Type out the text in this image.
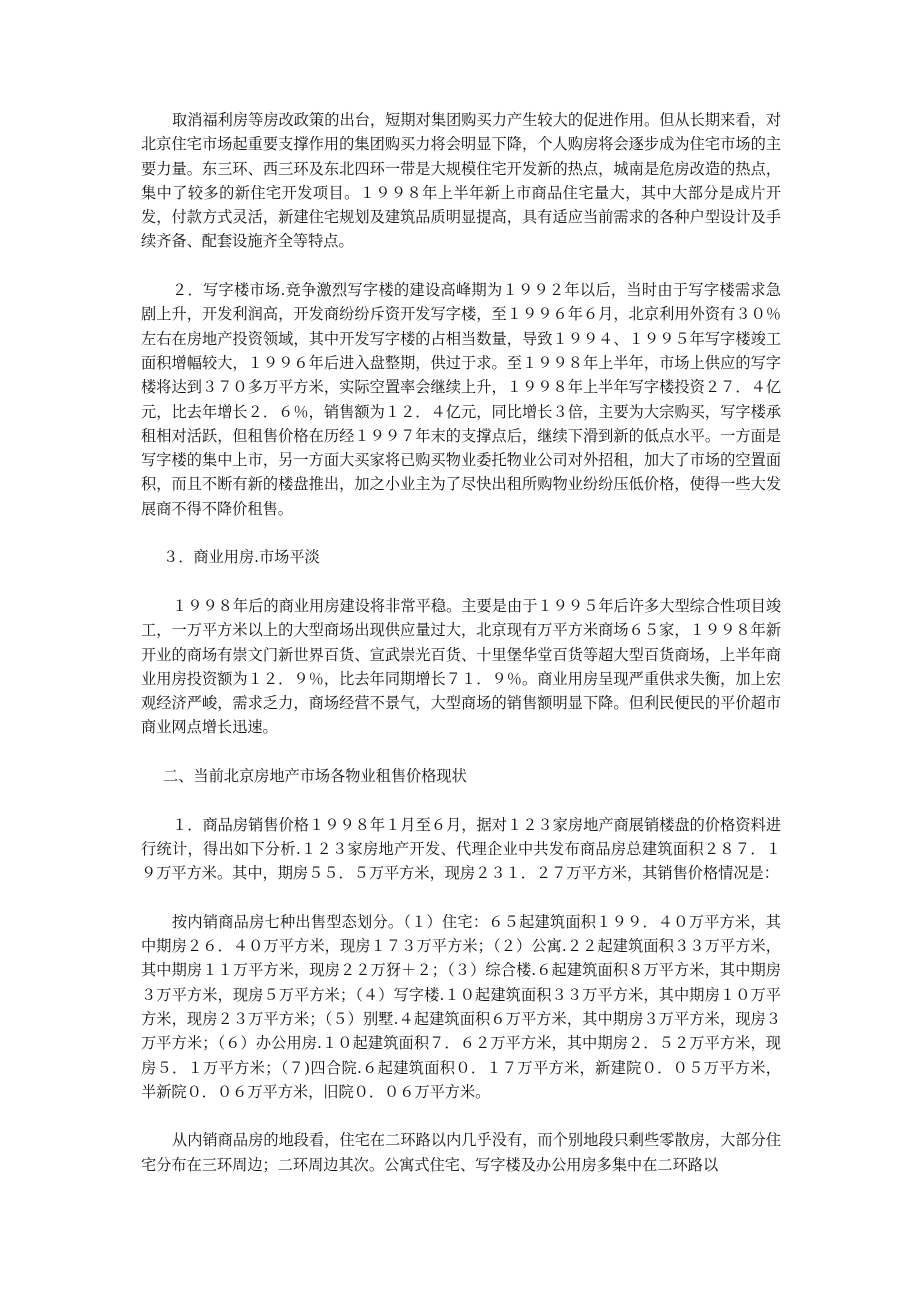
取消福利房等房改政策的出台，短期对集团购买力产生较大的促进作用。但从长期来看，对北京住宅市场起重要支撑作用的集团购买力将会明显下降，个人购房将会逐步成为住宅市场的主要力量。东三环、西三环及东北四环一带是大规模住宅开发新的热点，城南是危房改造的热点，集中了较多的新住宅开发项目。１９９８年上半年新上市商品住宅量大，其中大部分是成片开发，付款方式灵活，新建住宅规划及建筑品质明显提高，具有适应当前需求的各种户型设计及手续齐备、配套设施齐全等特点。

２．写字楼市场.竞争激烈写字楼的建设高峰期为１９９２年以后，当时由于写字楼需求急剧上升，开发利润高，开发商纷纷斥资开发写字楼，至１９９６年６月，北京利用外资有３０％左右在房地产投资领域，其中开发写字楼的占相当数量，导致１９９４、１９９５年写字楼竣工面积增幅较大，１９９６年后进入盘整期，供过于求。至１９９８年上半年，市场上供应的写字楼将达到３７０多万平方米，实际空置率会继续上升，１９９８年上半年写字楼投资２７．４亿元，比去年增长２．６％，销售额为１２．４亿元，同比增长３倍，主要为大宗购买，写字楼承租相对活跃，但租售价格在历经１９９７年末的支撑点后，继续下滑到新的低点水平。一方面是写字楼的集中上市，另一方面大买家将已购买物业委托物业公司对外招租，加大了市场的空置面积，而且不断有新的楼盘推出，加之小业主为了尽快出租所购物业纷纷压低价格，使得一些大发展商不得不降价租售。

３．商业用房.市场平淡

１９９８年后的商业用房建设将非常平稳。主要是由于１９９５年后许多大型综合性项目竣工，一万平方米以上的大型商场出现供应量过大，北京现有万平方米商场６５家，１９９８年新开业的商场有崇文门新世界百货、宣武崇光百货、十里堡华堂百货等超大型百货商场，上半年商业用房投资额为１２．９％，比去年同期增长７１．９％。商业用房呈现严重供求失衡，加上宏观经济严峻，需求乏力，商场经营不景气，大型商场的销售额明显下降。但利民便民的平价超市商业网点增长迅速。

二、当前北京房地产市场各物业租售价格现状

１．商品房销售价格１９９８年１月至６月，据对１２３家房地产商展销楼盘的价格资料进行统计，得出如下分析.１２３家房地产开发、代理企业中共发布商品房总建筑面积２８７．１９万平方米。其中，期房５５．５万平方米，现房２３１．２７万平方米，其销售价格情况是：

按内销商品房七种出售型态划分。（１）住宅：６５起建筑面积１９９．４０万平方米，其中期房２６．４０万平方米，现房１７３万平方米；（２）公寓.２２起建筑面积３３万平方米，其中期房１１万平方米，现房２２万犽＋２；（３）综合楼.６起建筑面积８万平方米，其中期房３万平方米，现房５万平方米；（４）写字楼.１０起建筑面积３３万平方米，其中期房１０万平方米，现房２３万平方米；（５）别墅.４起建筑面积６万平方米，其中期房３万平方米，现房３万平方米；（６）办公用房.１０起建筑面积７．６２万平方米，其中期房２．５２万平方米，现房５．１万平方米；（７)四合院.６起建筑面积０．１７万平方米，新建院０．０５万平方米，半新院０．０６万平方米，旧院０．０６万平方米。

从内销商品房的地段看，住宅在二环路以内几乎没有，而个别地段只剩些零散房，大部分住宅分布在三环周边；二环周边其次。公寓式住宅、写字楼及办公用房多集中在二环路以
